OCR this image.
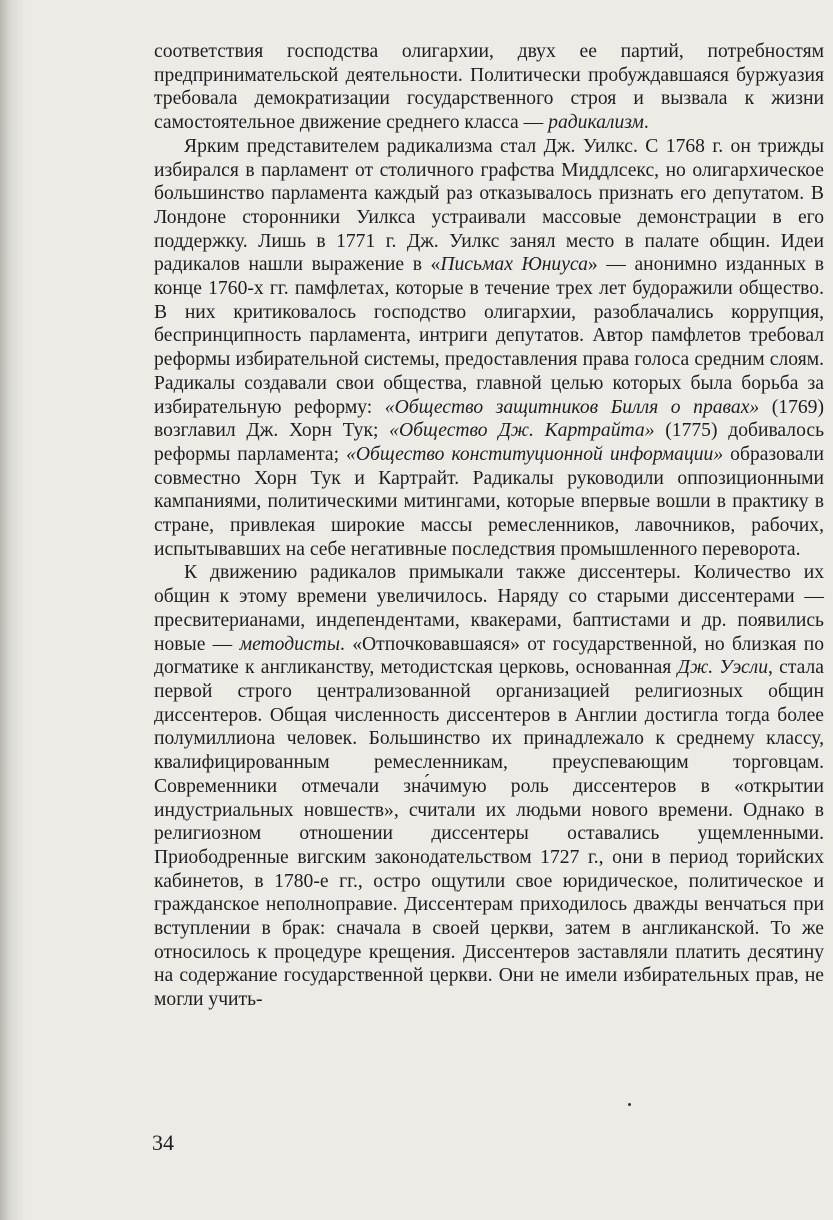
соответствия господства олигархии, двух ее партий, потребностям предпринимательской деятельности. Политически пробуждавшаяся буржуазия требовала демократизации государственного строя и вызвала к жизни самостоятельное движение среднего класса — радикализм.

Ярким представителем радикализма стал Дж. Уилкс. С 1768 г. он трижды избирался в парламент от столичного графства Миддлсекс, но олигархическое большинство парламента каждый раз отказывалось признать его депутатом. В Лондоне сторонники Уилкса устраивали массовые демонстрации в его поддержку. Лишь в 1771 г. Дж. Уилкс занял место в палате общин. Идеи радикалов нашли выражение в «Письмах Юниуса» — анонимно изданных в конце 1760-х гг. памфлетах, которые в течение трех лет будоражили общество. В них критиковалось господство олигархии, разоблачались коррупция, беспринципность парламента, интриги депутатов. Автор памфлетов требовал реформы избирательной системы, предоставления права голоса средним слоям. Радикалы создавали свои общества, главной целью которых была борьба за избирательную реформу: «Общество защитников Билля о правах» (1769) возглавил Дж. Хорн Тук; «Общество Дж. Картрайта» (1775) добивалось реформы парламента; «Общество конституционной информации» образовали совместно Хорн Тук и Картрайт. Радикалы руководили оппозиционными кампаниями, политическими митингами, которые впервые вошли в практику в стране, привлекая широкие массы ремесленников, лавочников, рабочих, испытывавших на себе негативные последствия промышленного переворота.

К движению радикалов примыкали также диссентеры. Количество их общин к этому времени увеличилось. Наряду со старыми диссентерами — пресвитерианами, индепендентами, квакерами, баптистами и др. появились новые — методисты. «Отпочковавшаяся» от государственной, но близкая по догматике к англиканству, методистская церковь, основанная Дж. Уэсли, стала первой строго централизованной организацией религиозных общин диссентеров. Общая численность диссентеров в Англии достигла тогда более полумиллиона человек. Большинство их принадлежало к среднему классу, квалифицированным ремесленникам, преуспевающим торговцам. Современники отмечали зна́чимую роль диссентеров в «открытии индустриальных новшеств», считали их людьми нового времени. Однако в религиозном отношении диссентеры оставались ущемленными. Приободренные вигским законодательством 1727 г., они в период торийских кабинетов, в 1780-е гг., остро ощутили свое юридическое, политическое и гражданское неполноправие. Диссентерам приходилось дважды венчаться при вступлении в брак: сначала в своей церкви, затем в англиканской. То же относилось к процедуре крещения. Диссентеров заставляли платить десятину на содержание государственной церкви. Они не имели избирательных прав, не могли учить-

34
